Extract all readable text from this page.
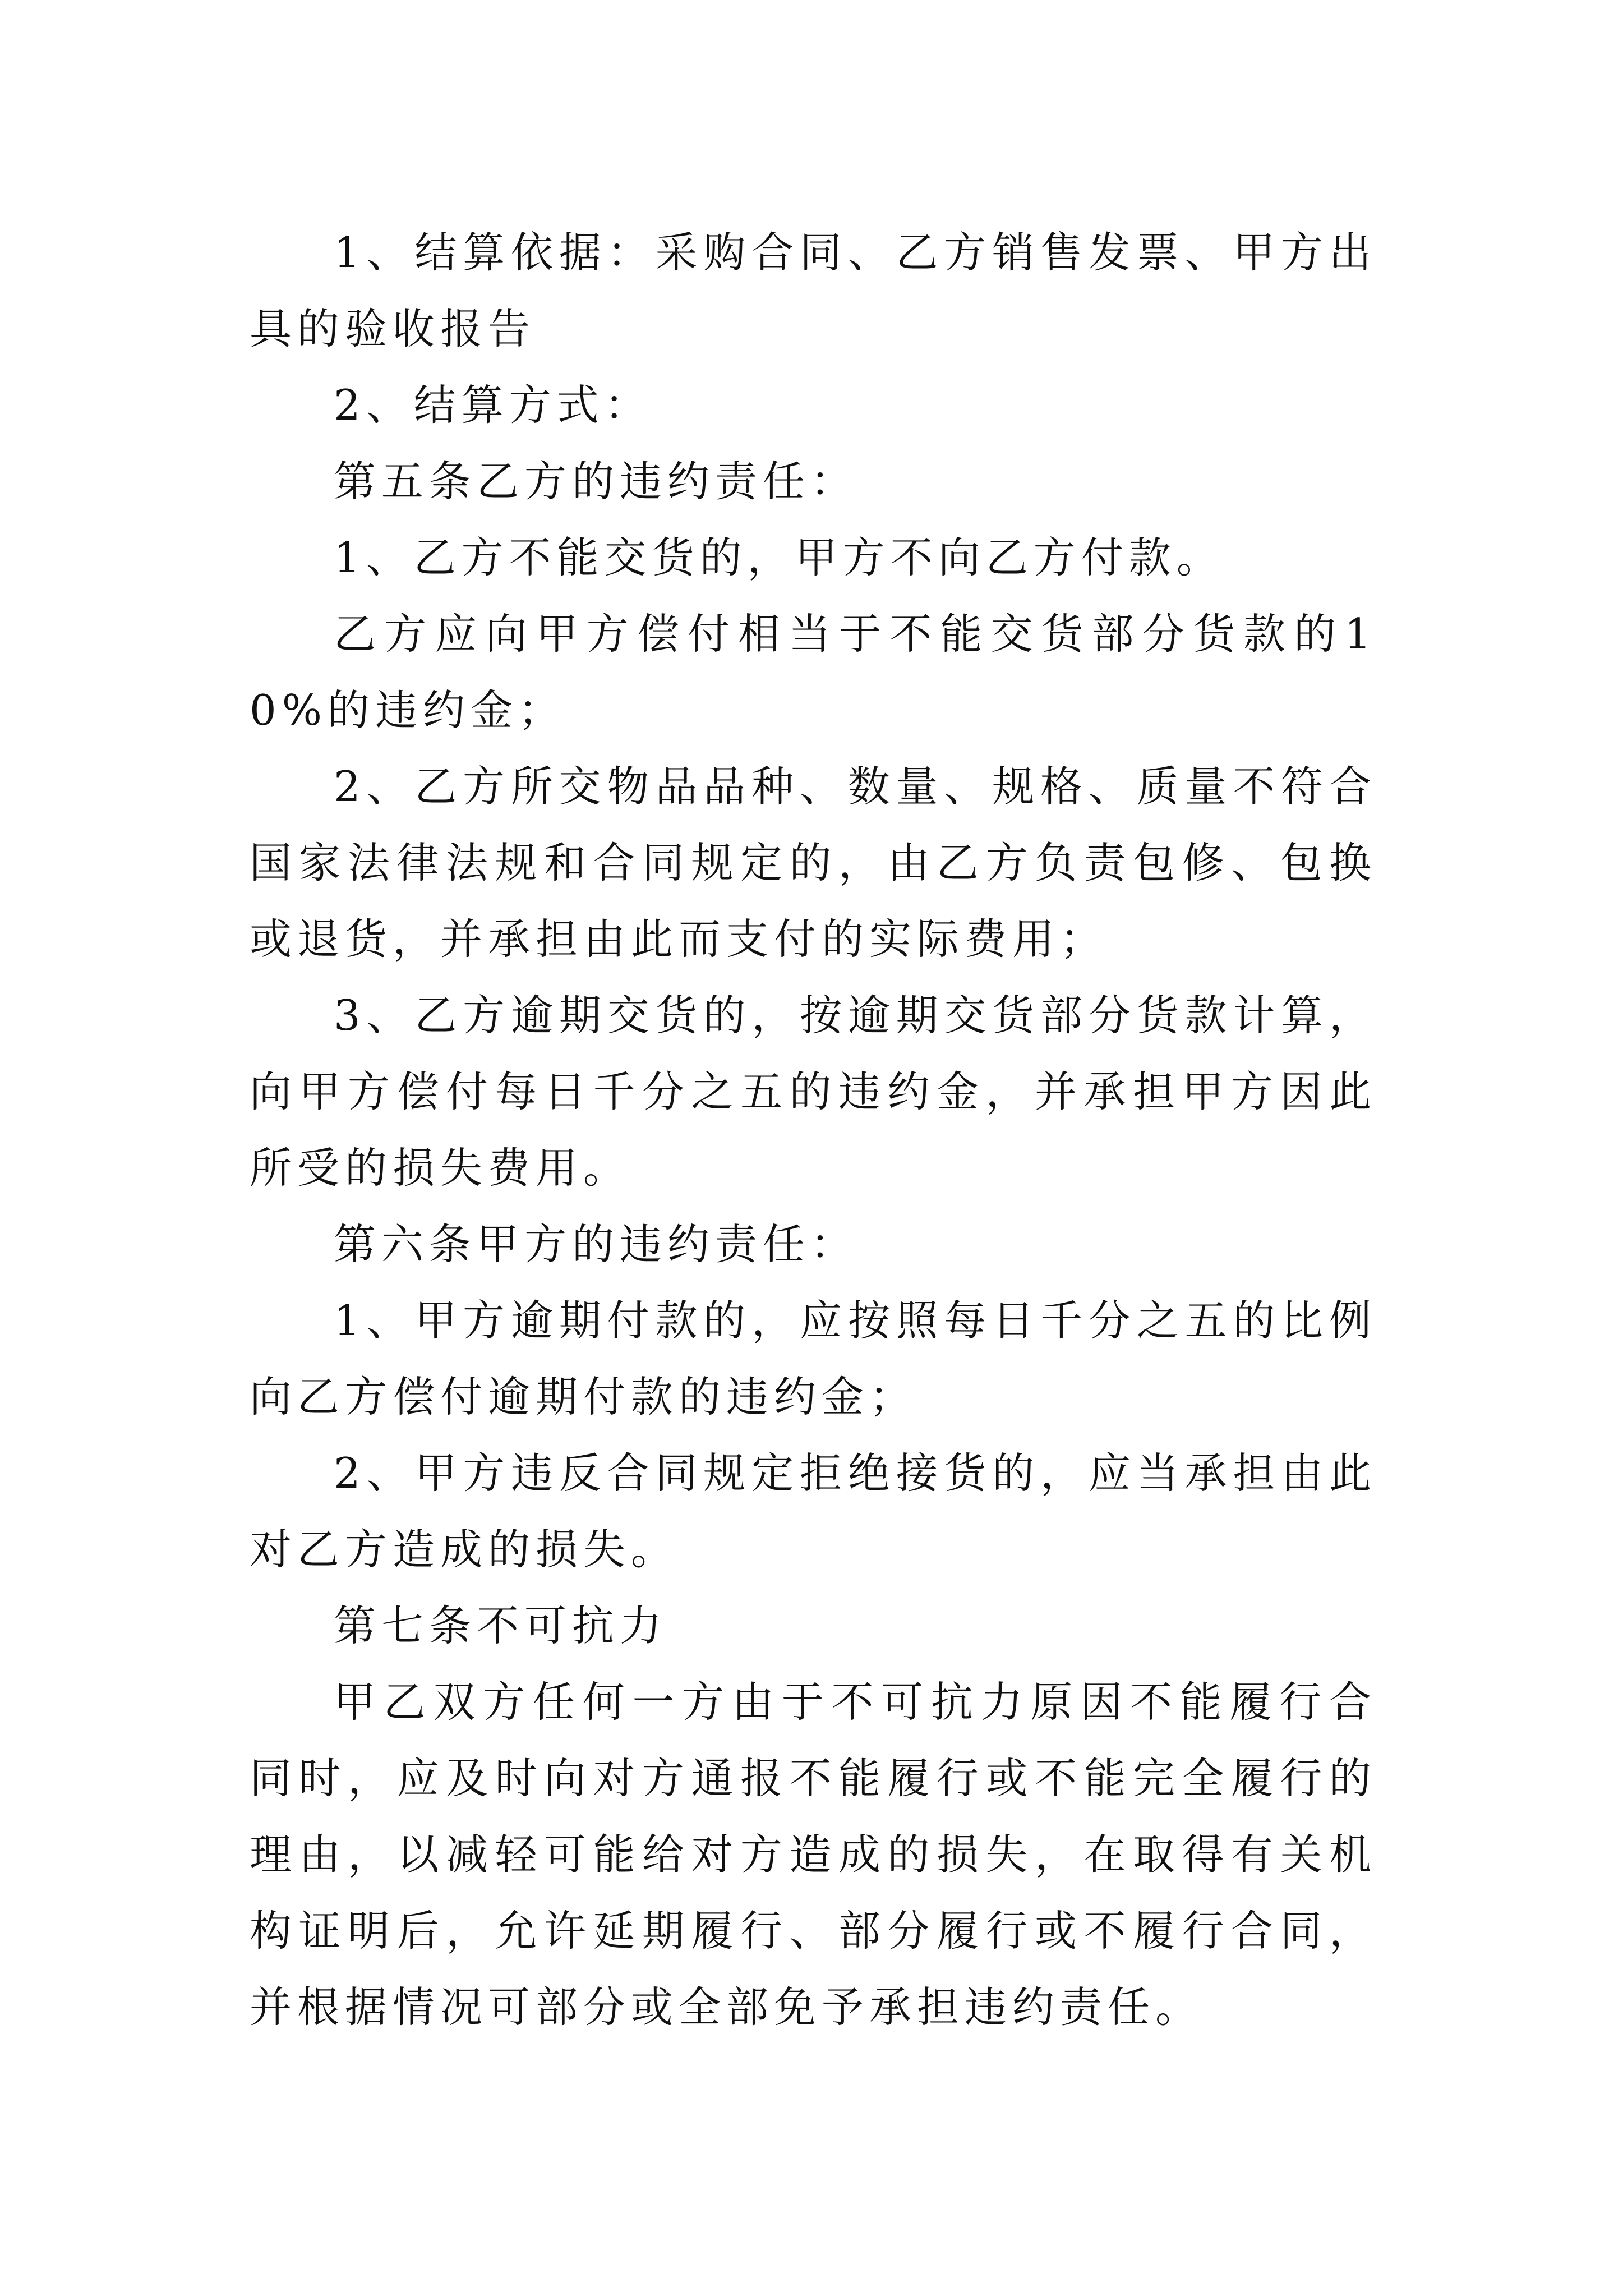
1、结算依据：采购合同、乙方销售发票、甲方出具的验收报告

2、结算方式：

第五条乙方的违约责任：

1、乙方不能交货的，甲方不向乙方付款。

乙方应向甲方偿付相当于不能交货部分货款的10%的违约金；

2、乙方所交物品品种、数量、规格、质量不符合国家法律法规和合同规定的，由乙方负责包修、包换或退货，并承担由此而支付的实际费用；

3、乙方逾期交货的，按逾期交货部分货款计算，向甲方偿付每日千分之五的违约金，并承担甲方因此所受的损失费用。

第六条甲方的违约责任：

1、甲方逾期付款的，应按照每日千分之五的比例向乙方偿付逾期付款的违约金；

2、甲方违反合同规定拒绝接货的，应当承担由此对乙方造成的损失。

第七条不可抗力

甲乙双方任何一方由于不可抗力原因不能履行合同时，应及时向对方通报不能履行或不能完全履行的理由，以减轻可能给对方造成的损失，在取得有关机构证明后，允许延期履行、部分履行或不履行合同，并根据情况可部分或全部免予承担违约责任。
